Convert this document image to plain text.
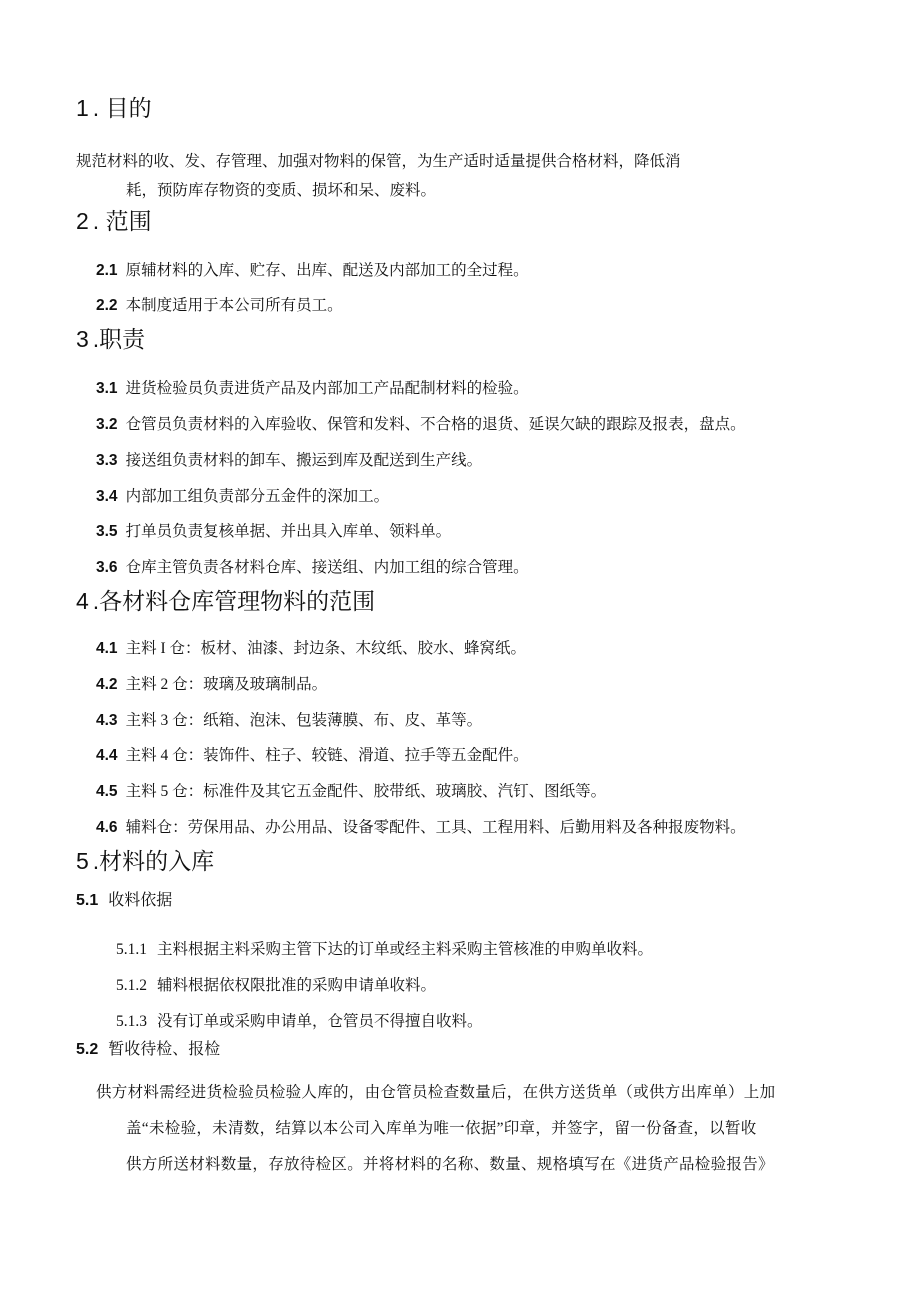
1 . 目的
规范材料的收、发、存管理、加强对物料的保管，为生产适时适量提供合格材料，降低消
耗，预防库存物资的变质、损坏和呆、废料。
2 . 范围
2.1 原辅材料的入库、贮存、出库、配送及内部加工的全过程。
2.2 本制度适用于本公司所有员工。
3 .职责
3.1 进货检验员负责进货产品及内部加工产品配制材料的检验。
3.2 仓管员负责材料的入库验收、保管和发料、不合格的退货、延误欠缺的跟踪及报表，盘点。
3.3 接送组负责材料的卸车、搬运到库及配送到生产线。
3.4 内部加工组负责部分五金件的深加工。
3.5 打单员负责复核单据、并出具入库单、领料单。
3.6 仓库主管负责各材料仓库、接送组、内加工组的综合管理。
4 .各材料仓库管理物料的范围
4.1 主料 I 仓：板材、油漆、封边条、木纹纸、胶水、蜂窝纸。
4.2 主料 2 仓：玻璃及玻璃制品。
4.3 主料 3 仓：纸箱、泡沫、包装薄膜、布、皮、革等。
4.4 主料 4 仓：装饰件、柱子、较链、滑道、拉手等五金配件。
4.5 主料 5 仓：标准件及其它五金配件、胶带纸、玻璃胶、汽钉、图纸等。
4.6 辅料仓：劳保用品、办公用品、设备零配件、工具、工程用料、后勤用料及各种报废物料。
5 .材料的入库
5.1 收料依据
5.1.1 主料根据主料采购主管下达的订单或经主料采购主管核准的申购单收料。
5.1.2 辅料根据依权限批准的采购申请单收料。
5.1.3 没有订单或采购申请单，仓管员不得擅自收料。
5.2 暂收待检、报检
供方材料需经进货检验员检验人库的，由仓管员检查数量后，在供方送货单（或供方出库单）上加
盖“未检验，未清数，结算以本公司入库单为唯一依据”印章，并签字，留一份备查，以暂收
供方所送材料数量，存放待检区。并将材料的名称、数量、规格填写在《进货产品检验报告》
